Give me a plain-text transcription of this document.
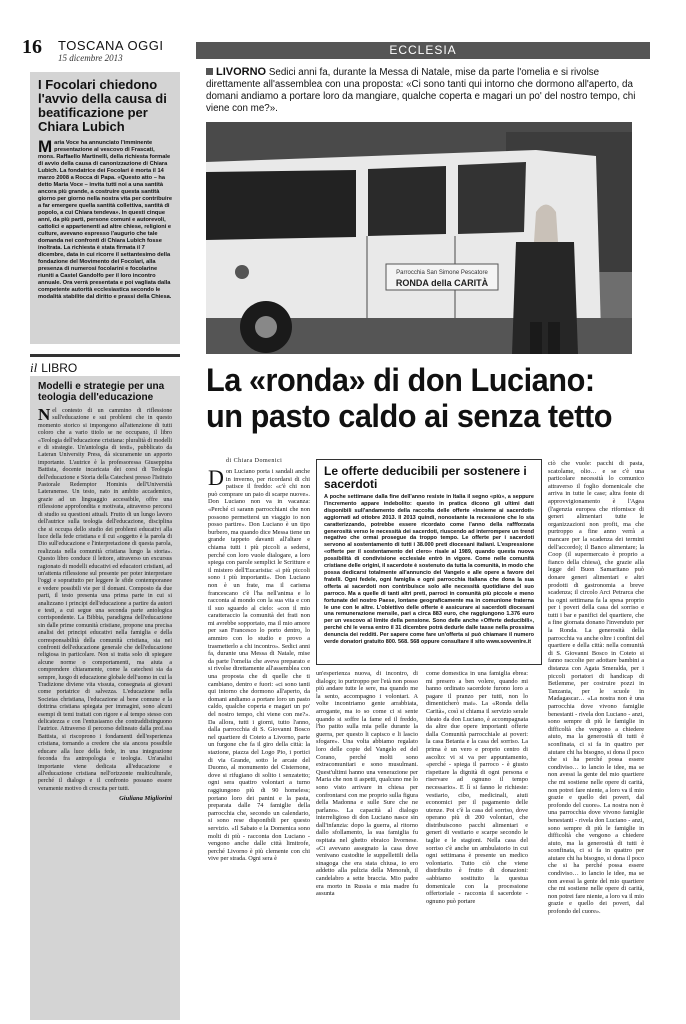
16 TOSCANA OGGI
15 dicembre 2013
ECCLESIA
I Focolari chiedono l'avvio della causa di beatificazione per Chiara Lubich

Maria Voce ha annunciato l'imminente presentazione al vescovo di Frascati, mons. Raffaello Martinelli, della richiesta formale di avvio della causa di canonizzazione di Chiara Lubich. La fondatrice dei Focolari è morta il 14 marzo 2008 a Rocca di Papa. «Questo atto – ha detto Maria Voce – invita tutti noi a una santità ancora più grande, a costruire questa santità giorno per giorno nella nostra vita per contribuire a far emergere quella santità collettiva, santità di popolo, a cui Chiara tendeva». In questi cinque anni, da più parti, persone comuni e autorevoli, cattolici e appartenenti ad altre chiese, religioni e culture, avevano espresso l'augurio che tale domanda nei confronti di Chiara Lubich fosse inoltrata. La richiesta è stata firmata il 7 dicembre, data in cui ricorre il settantesimo della fondazione del Movimento dei Focolari, alla presenza di numerosi focolarini e focolarine riuniti a Castel Gandolfo per il loro incontro annuale. Ora verrà presentata e poi vagliata dalla competente autorità ecclesiastica secondo le modalità stabilite dal diritto e prassi della Chiesa.

il LIBRO
Modelli e strategie per una teologia dell'educazione

Nel contesto di un cammino di riflessione sull'educazione e sui problemi che in questo momento storico si impongono all'attenzione di tutti coloro che a vario titolo se ne occupano, il libro «Teologia dell'educazione cristiana: pluralità di modelli e di strategie. Un'antologia di testi», pubblicato da Lateran University Press, dà sicuramente un apporto importante. L'autrice è la professoressa Giuseppina Battista, docente incaricata dei corsi di Teologia dell'educazione e Storia della Catechesi presso l'Istituto Pastorale Redemptor Hominis dell'Università Lateranense. Un testo, nato in ambito accademico, grazie ad un linguaggio accessibile, offre una riflessione approfondita e motivata, attraverso percorsi di studio su questioni attuali. Frutto di un lungo lavoro dell'autrice sulla teologia dell'educazione, disciplina che si occupa dello studio dei problemi educativi alla luce della fede cristiana e il cui «oggetto è la parola di Dio sull'educazione e l'interpretazione di questa parola, realizzata nella comunità cristiana lungo la storia». Questo libro conduce il lettore, attraverso un excursus ragionato di modelli educativi ed educatori cristiani, ad un'attenta riflessione sul presente per poter interpretare l'oggi e soprattutto per leggere le sfide contemporanee e vedere possibili vie per il domani. Composto da due parti, il testo presenta una prima parte in cui si analizzano i principi dell'educazione a partire da autori e testi, a cui segue una seconda parte antologica corrispondente. La Bibbia, paradigma dell'educazione sin dalle prime comunità cristiane, propone una precisa analisi dei principi educativi nella famiglia e della corresponsabilità della comunità cristiana, sia nei confronti dell'educazione generale che dell'educazione religiosa in particolare. Non si tratta solo di spiegare alcune norme o comportamenti, ma aiuta a comprendere chiaramente, come la catechesi sia da sempre, luogo di educazione globale dell'uomo in cui la Tradizione diviene vita vissuta, consegnata ai giovani come portatrice di salvezza. L'educazione nella Societas christiana, l'educazione al bene comune e la dottrina cristiana spiegata per immagini, sono alcuni esempi di temi trattati con rigore e al tempo stesso con delicatezza e con l'entusiasmo che contraddistinguono l'autrice. Attraverso il percorso delineato dalla prof.ssa Battista, si riscoprono i fondamenti dell'esperienza cristiana, tornando a credere che sia ancora possibile educare alla luce della fede, in una integrazione feconda fra antropologia e teologia. Un'analisi importante viene dedicata all'educazione e all'educazione cristiana nell'orizzonte multiculturale, perché il dialogo e il confronto possano essere veramente motivo di crescita per tutti.

Giuliana Migliorini

LIVORNO Sedici anni fa, durante la Messa di Natale, mise da parte l'omelia e si rivolse direttamente all'assemblea con una proposta: «Ci sono tanti qui intorno che dormono all'aperto, da domani andiamo a portare loro da mangiare, qualche coperta e magari un po' del nostro tempo, chi viene con me?».
Parrocchia San Simone Pescatore
RONDA della CARITÀ
La «ronda» di don Luciano: un pasto caldo ai senza tetto
di Chiara Domenici
Don Luciano porta i sandali anche in inverno, per ricordarsi di chi patisce il freddo: «c'è chi non può comprare un paio di scarpe nuove». Don Luciano non va in vacanza: «Perché ci sarann parrocchiani che non possono permettersi un viaggio io non posso partire». Don Luciano è un tipo burbero, ma quando dice Messa tiene un grande tappeto davanti all'altare e chiama tutti i più piccoli a sedersi, perché con loro vuole dialogare, a loro spiega con parole semplici le Scritture e il mistero dell'Eucaristia: «i più piccoli sono i più importanti». Don Luciano non è un frate, ma il carisma francescano c'è l'ha nell'anima e lo racconta al mondo con la sua vita e con il suo sguardo al cielo: «con il mio caratteraccio la comunità dei frati non mi avrebbe sopportato, ma il mio amore per san Francesco lo porto dentro, lo ammiro con lo studio e provo a trasmetterlo a chi incontro». Sedici anni fa, durante una Messa di Natale, mise da parte l'omelia che aveva preparato e si rivolse direttamente all'assemblea con una proposta che di quelle che ti cambiano, dentro e fuori: «ci sono tanti qui intorno che dormono all'aperto, da domani andiamo a portare loro un pasto caldo, qualche coperta e magari un po' del nostro tempo, chi viene con me?». Da allora, tutti i giorni, tutto l'anno, dalla parrocchia di S. Giovanni Bosco nel quartiere di Coteto a Livorno, parte un furgone che fa il giro della città: la stazione, piazza del Logo Pio, i portici di via Grande, sotto le arcate del Duomo, al monumento del Cisternone, dove si rifugiano di solito i senzatetto; ogni sera quattro volontari a turno raggiungono più di 90 homeless; portano loro dei panini e la pasta, preparata dalle 74 famiglie della parrocchia che, secondo un calendario, si sono rese disponibili per questo servizio. «Il Sabato e la Domenica sono molti di più - racconta don Luciano - vengono anche dalle città limitrofe, perché Livorno è più clemente con chi vive per strada. Ogni sera è
Le offerte deducibili per sostenere i sacerdoti

A poche settimane dalla fine dell'anno resiste in Italia il segno «più», a seppure l'incremento appare indebolito: questo in pratica dicono gli ultimi dati disponibili sull'andamento della raccolta delle offerte «Insieme ai sacerdoti» aggiornati ad ottobre 2013. Il 2013 quindi, nonostante la recessione che lo sta caratterizzando, potrebbe essere ricordato come l'anno della raffforzata generosità verso le necessità dei sacerdoti, riuscendo ad interrompere un trend negativo che ormai prosegue da troppo tempo. Le offerte per i sacerdoti servono al sostentamento di tutti i 38.000 preti diocesani italiani. L'espressione «offerte per il sostentamento del clero» risale al 1989, quando questa nuova possibilità di condivisione ecclesiale entrò in vigore. Come nelle comunità cristiane delle origini, il sacerdote è sostenuto da tutta la comunità, in modo che possa dedicarsi totalmente all'annuncio del Vangelo e alle opere a favore dei fratelli. Ogni fedele, ogni famiglia e ogni parrocchia italiana che dona la sua offerta ai sacerdoti non contribuisce solo alle necessità quotidiane del suo parroco. Ma a quelle di tanti altri preti, parroci in comunità più piccole e meno fortunate del nostro Paese, lontane geograficamente ma in comunione fraterna le une con le altre. L'obiettivo delle offerte è assicurare ai sacerdoti diocesani una remunerazione mensile, pari a circa 883 euro, che raggiungono 1.376 euro per un vescovo al limite della pensione. Sono delle anche «Offerte deducibili», perché chi le versa entro il 31 dicembre potrà dedurle dalle tasse nella prossima denuncia dei redditi. Per sapere come fare un'offerta si può chiamare il numero verde donatori gratuito 800. 568. 568 oppure consultare il sito www.sovvenire.it

un'esperienza nuova, di incontro, di dialogo; io purtroppo per l'età non posso più andare tutte le sere, ma quando me la sento, accompagno i volontari. A volte incontriamo gente arrabbiata, arrogante, ma io so come ci si sente quando si soffre la fame ed il freddo, l'ho patito sulla mia pelle durante la guerra, per questo li capisco e li lascio sfogare». Una volta abbiamo regalato loro delle copie del Vangelo ed del Corano, perché molti sono extracomunitari e sono musulmani. Quest'ultimi hanno una venerazione per Maria che non ti aspetti, qualcuno me lo sono visto arrivare in chiesa per confrontarsi con me proprio sulla figura della Madonna e sulle Sure che ne parlano». La capacità al dialogo interreligioso di don Luciano nasce sin dall'infanzia: dopo la guerra, al ritorno dallo sfollamento, la sua famiglia fu ospitata nel ghetto ebraico livornese. «Ci avevano assegnato la casa dove venivano custodite le suppellettili della sinagoga che era stata chiusa, io ero addetto alla pulizia della Menorah, il candelabro a sette braccia. Mio padre era morto in Russia e mia madre fu assunta
come domestica in una famiglia ebrea: mi presero a ben volere, quando mi hanno ordinato sacerdote furono loro a pagare il pranzo per tutti, non lo dimenticherò mai». La «Ronda della Carità», così si chiama il servizio serale ideato da don Luciano, è accompagnata da altre due opere importanti offerte dalla Comunità parrocchiale ai poveri: la casa Betania e la casa del sorriso. La prima è un vero e proprio centro di ascolto: vi si va per appuntamento, «perché - spiega il parroco - è giusto rispettare la dignità di ogni persona e riservare ad ognuno il tempo necessario». E lì si fanno le richieste: vestiario, cibo, medicinali, aiuti economici per il pagamento delle utenze. Poi c'è la casa del sorriso, dove operano più di 200 volontari, che distribuiscono pacchi alimentari e generi di vestiario e scarpe secondo le taglie e le stagioni. Nella casa del sorriso c'è anche un ambulatorio in cui ogni settimana è presente un medico volontario. Tutto ciò che viene distribuito è frutto di donazioni: «abbiamo sostituito la questua domenicale con la processione offertoriale - racconta il sacerdote - ognuno può portare
ciò che vuole: pacchi di pasta, scatolame, olio… e se c'è una particolare necessità lo comunico attraverso il foglio domenicale che arriva in tutte le case; altra fonte di approvvigionamento è l'Agea (l'agenzia europea che riforniscе di generi alimentari tutte le organizzazioni non profit, ma che purtroppo a fine anno verrà a mancare per la scadenza dei termini dell'accordo); il Banco alimentare; la Coop (il supermercato è proprio a fianco della chiesa), che grazie alla legge del Buon Samaritano può donare generi alimentari e altri prodotti di gastronomia a breve scadenza; il circolo Arci Petrarca che ha ogni settimana fa la spesa proprio per i poveri della casa del sorriso e tutti i bar e panifici del quartiere, che a fine giornata donano l'invenduto per la Ronda. La generosità della parrocchia va anche oltre i confini del quartiere e della città: nella comunità di S. Giovanni Bosco in Coteto si fanno raccolte per adottare bambini a distanza con Agata Smeralda, per i piccoli portatori di handicap di Betlemme, per costruire pozzi in Tanzania, per le scuole in Madagascar… «La nostra non è una parrocchia dove vivono famiglie benestanti - rivela don Luciano - anzi, sono sempre di più le famiglie in difficoltà che vengono a chiedere aiuto, ma la generosità di tutti è sconfinata, ci si fa in quattro per aiutare chi ha bisogno, si dona il poco che si ha perché possa essere condiviso… io lancio le idee, ma se non avessi la gente del mio quartiere che mi sostiene nelle opere di carità, non potrei fare niente, a loro va il mio grazie e quello dei poveri, dal profondo del cuore». La nostra non è una parrocchia dove vivono famiglie benestanti - rivela don Luciano - anzi, sono sempre di più le famiglie in difficoltà che vengono a chiedere aiuto, ma la generosità di tutti è sconfinata, ci si fa in quattro per aiutare chi ha bisogno, si dona il poco che si ha perché possa essere condiviso… io lancio le idee, ma se non avessi la gente del mio quartiere che mi sostiene nelle opere di carità, non potrei fare niente, a loro va il mio grazie e quello dei poveri, dal profondo del cuore».
